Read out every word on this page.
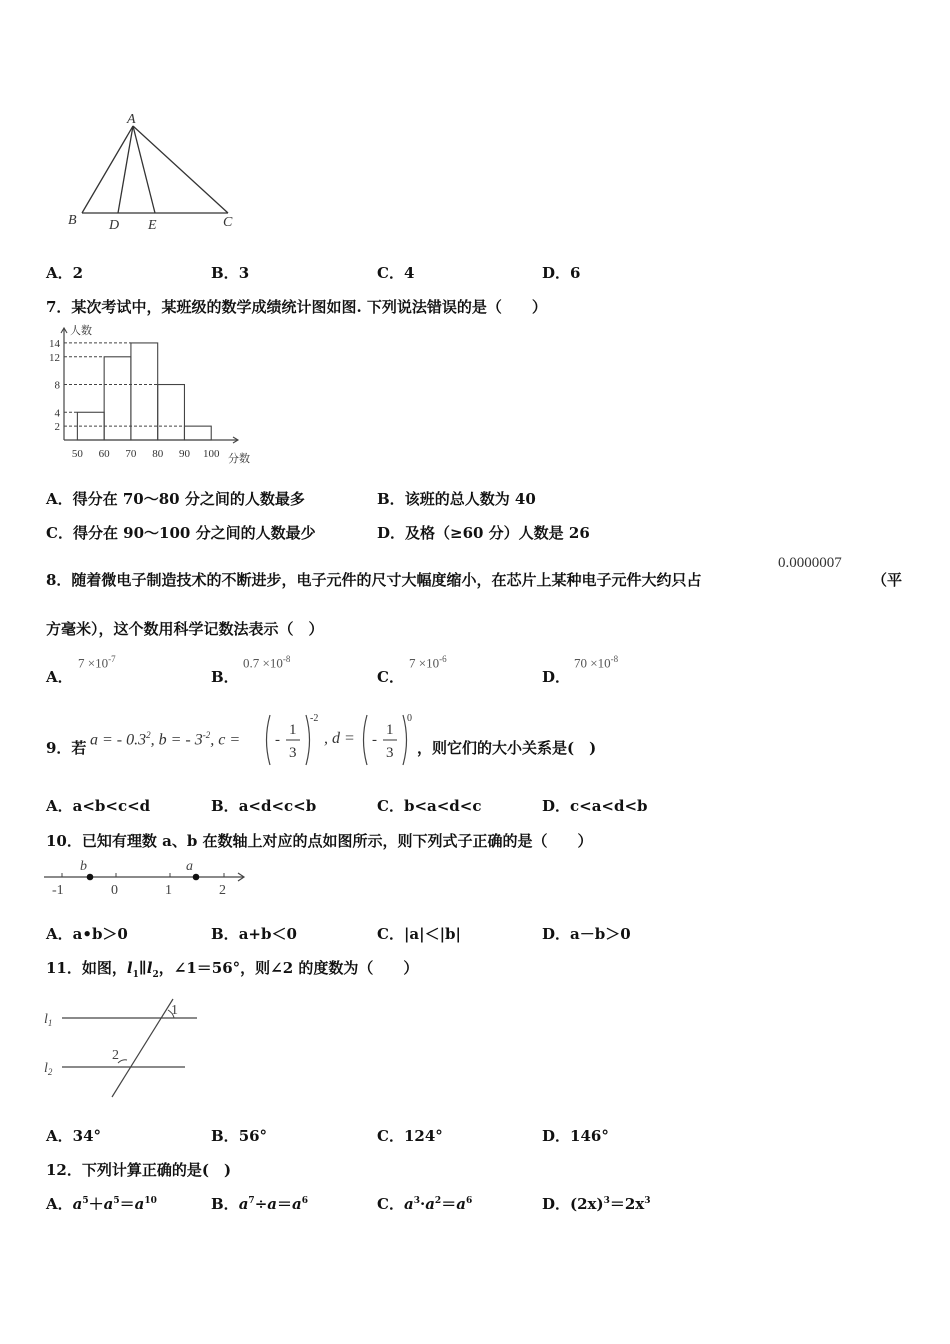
A
B D E	C
A．2	B．3	C．4	D．6
7．某次考试中，某班级的数学成绩统计图如图. 下列说法错误的是（　　）
2
4
8
12
14
50 60 70 80 90 100
人数
分数
A．得分在 70～80 分之间的人数最多	B．该班的总人数为 40
C．得分在 90～100 分之间的人数最少	D．及格（≥60 分）人数是 26
8．随着微电子制造技术的不断进步，电子元件的尺寸大幅度缩小，在芯片上某种电子元件大约只占
0.0000007
（平
方毫米），这个数用科学记数法表示（　）
A．
$7 \times 10^{-7}$
B．
$0.7 \times 10^{-8}$
C．
$7 \times 10^{-6}$
D．
$70 \times 10^{-8}$
9．若 a = - $0.3^2$, b = - $3^{-2}$, c = -
1
3
-2
, d = -
1
3
0
，则它们的大小关系是(　)
A．a<b<c<d	B．a<d<c<b	C．b<a<d<c	D．c<a<d<b
10．已知有理数 a、b 在数轴上对应的点如图所示，则下列式子正确的是（　　）
b	a
-1	0	1	2
A．a•b＞0	B．a+b＜0	C．|a|＜|b|	D．a－b＞0
11．如图，$l_1\parallel l_2$，∠1＝56°，则∠2 的度数为（　　）
$l_1$
$l_2$
1
2
A．34°	B．56°	C．124°	D．146°
12．下列计算正确的是(　)
A．$a^5+a^5=a^{10}$	B．$a^7\div a=a^6$	C．$a^3\cdot a^2=a^6$	D．$(2x)^3=2x^3$
